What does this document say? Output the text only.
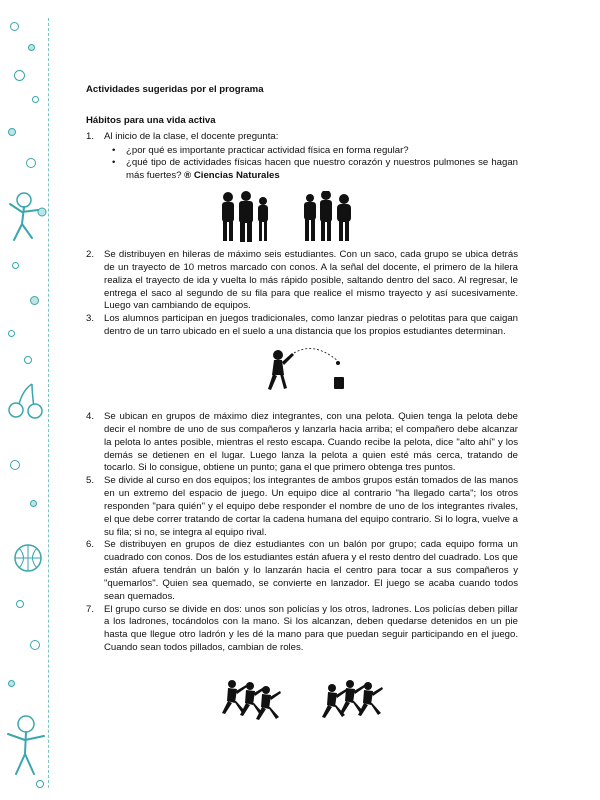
Actividades sugeridas por el programa
Hábitos para una vida activa
1. Al inicio de la clase, el docente pregunta:
• ¿por qué es importante practicar actividad física en forma regular?
• ¿qué tipo de actividades físicas hacen que nuestro corazón y nuestros pulmones se hagan más fuertes? ® Ciencias Naturales
2. Se distribuyen en hileras de máximo seis estudiantes. Con un saco, cada grupo se ubica detrás de un trayecto de 10 metros marcado con conos. A la señal del docente, el primero de la hilera realiza el trayecto de ida y vuelta lo más rápido posible, saltando dentro del saco. Al regresar, le entrega el saco al segundo de su fila para que realice el mismo trayecto y así sucesivamente. Luego van cambiando de equipos.
3. Los alumnos participan en juegos tradicionales, como lanzar piedras o pelotitas para que caigan dentro de un tarro ubicado en el suelo a una distancia que los propios estudiantes determinan.
4. Se ubican en grupos de máximo diez integrantes, con una pelota. Quien tenga la pelota debe decir el nombre de uno de sus compañeros y lanzarla hacia arriba; el compañero debe alcanzar la pelota lo antes posible, mientras el resto escapa. Cuando recibe la pelota, dice "alto ahí" y los demás se detienen en el lugar. Luego lanza la pelota a quien esté más cerca, tratando de tocarlo. Si lo consigue, obtiene un punto; gana el que primero obtenga tres puntos.
5. Se divide al curso en dos equipos; los integrantes de ambos grupos están tomados de las manos en un extremo del espacio de juego. Un equipo dice al contrario "ha llegado carta"; los otros responden "para quién" y el equipo debe responder el nombre de uno de los integrantes rivales, el que debe correr tratando de cortar la cadena humana del equipo contrario. Si lo logra, vuelve a su fila; si no, se integra al equipo rival.
6. Se distribuyen en grupos de diez estudiantes con un balón por grupo; cada equipo forma un cuadrado con conos. Dos de los estudiantes están afuera y el resto dentro del cuadrado. Los que están afuera tendrán un balón y lo lanzarán hacia el centro para tocar a sus compañeros y "quemarlos". Quien sea quemado, se convierte en lanzador. El juego se acaba cuando todos sean quemados.
7. El grupo curso se divide en dos: unos son policías y los otros, ladrones. Los policías deben pillar a los ladrones, tocándolos con la mano. Si los alcanzan, deben quedarse detenidos en un pie hasta que llegue otro ladrón y les dé la mano para que puedan seguir participando en el juego. Cuando sean todos pillados, cambian de roles.
